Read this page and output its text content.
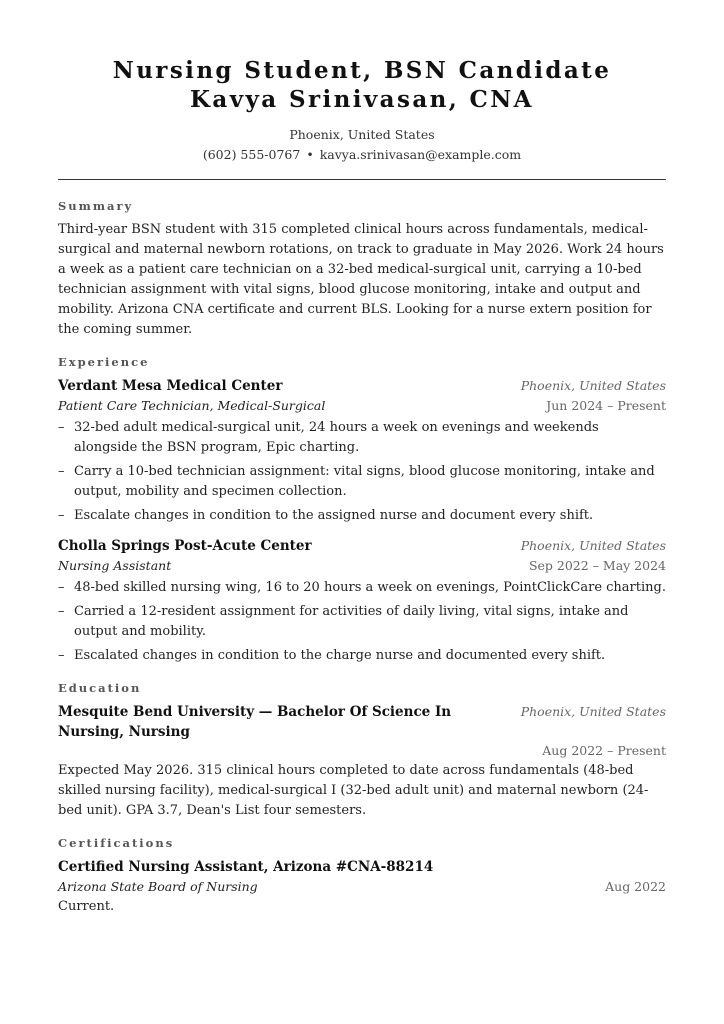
Nursing Student, BSN Candidate
Kavya Srinivasan, CNA
Phoenix, United States
(602) 555-0767 • kavya.srinivasan@example.com
Summary

Third-year BSN student with 315 completed clinical hours across fundamentals, medical-surgical and maternal newborn rotations, on track to graduate in May 2026. Work 24 hours a week as a patient care technician on a 32-bed medical-surgical unit, carrying a 10-bed technician assignment with vital signs, blood glucose monitoring, intake and output and mobility. Arizona CNA certificate and current BLS. Looking for a nurse extern position for the coming summer.

Experience
Verdant Mesa Medical Center	Phoenix, United States
Patient Care Technician, Medical-Surgical	Jun 2024 – Present
– 32-bed adult medical-surgical unit, 24 hours a week on evenings and weekends alongside the BSN program, Epic charting.
– Carry a 10-bed technician assignment: vital signs, blood glucose monitoring, intake and output, mobility and specimen collection.
– Escalate changes in condition to the assigned nurse and document every shift.
Cholla Springs Post-Acute Center	Phoenix, United States
Nursing Assistant	Sep 2022 – May 2024
– 48-bed skilled nursing wing, 16 to 20 hours a week on evenings, PointClickCare charting.
– Carried a 12-resident assignment for activities of daily living, vital signs, intake and output and mobility.
– Escalated changes in condition to the charge nurse and documented every shift.
Education
Mesquite Bend University — Bachelor Of Science In Nursing, Nursing
Phoenix, United States
Aug 2022 – Present

Expected May 2026. 315 clinical hours completed to date across fundamentals (48-bed skilled nursing facility), medical-surgical I (32-bed adult unit) and maternal newborn (24-bed unit). GPA 3.7, Dean's List four semesters.

Certifications
Certified Nursing Assistant, Arizona #CNA-88214
Arizona State Board of Nursing	Aug 2022
Current.
